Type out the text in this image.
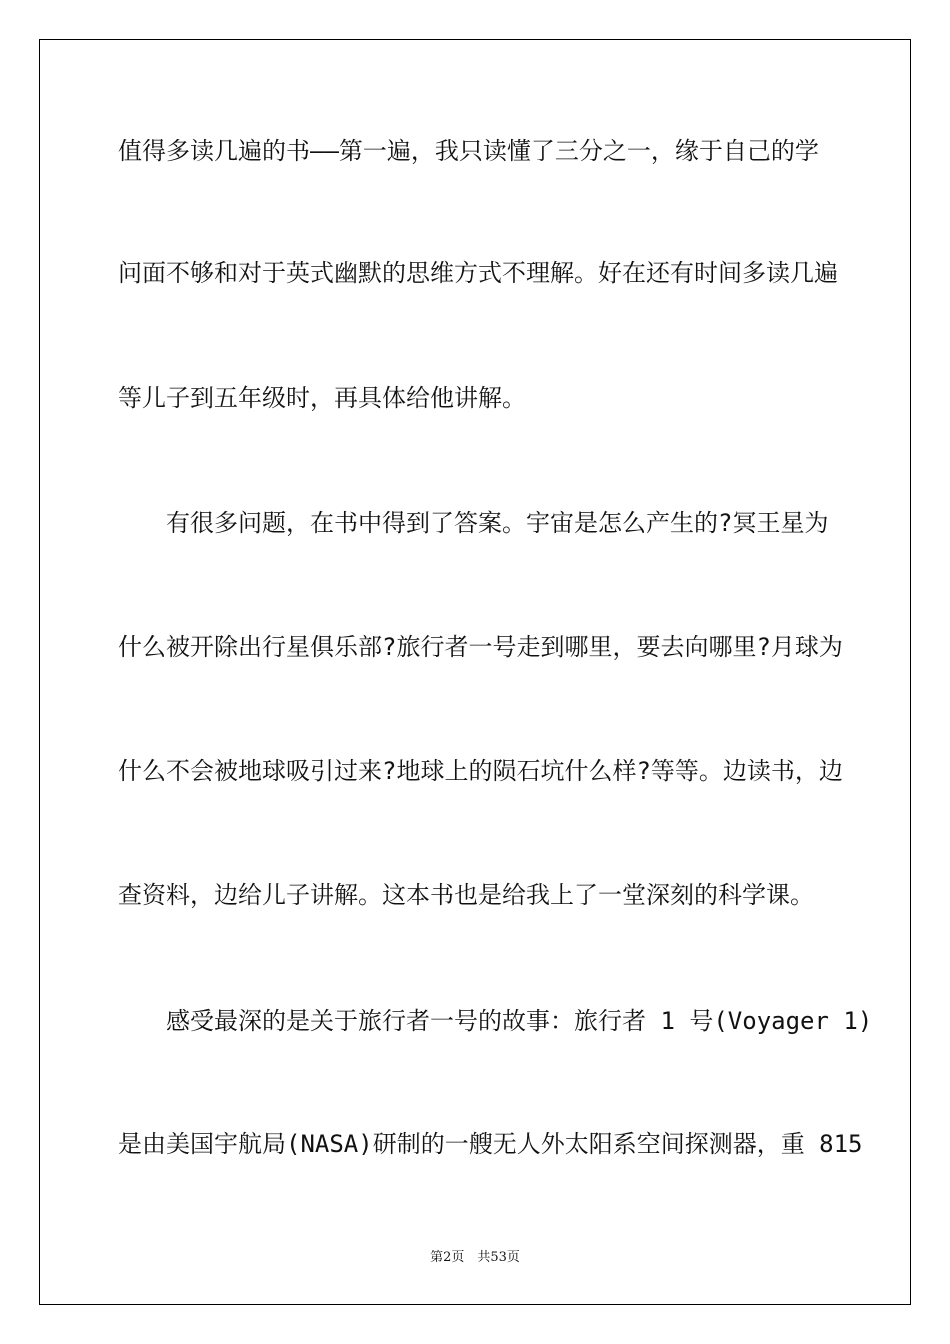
值得多读几遍的书——第一遍，我只读懂了三分之一，缘于自己的学
问面不够和对于英式幽默的思维方式不理解。好在还有时间多读几遍
等儿子到五年级时，再具体给他讲解。
有很多问题，在书中得到了答案。宇宙是怎么产生的?冥王星为
什么被开除出行星俱乐部?旅行者一号走到哪里，要去向哪里?月球为
什么不会被地球吸引过来?地球上的陨石坑什么样?等等。边读书，边
查资料，边给儿子讲解。这本书也是给我上了一堂深刻的科学课。
感受最深的是关于旅行者一号的故事：旅行者 1 号(Voyager 1)
是由美国宇航局(NASA)研制的一艘无人外太阳系空间探测器，重 815
第2页　共53页
